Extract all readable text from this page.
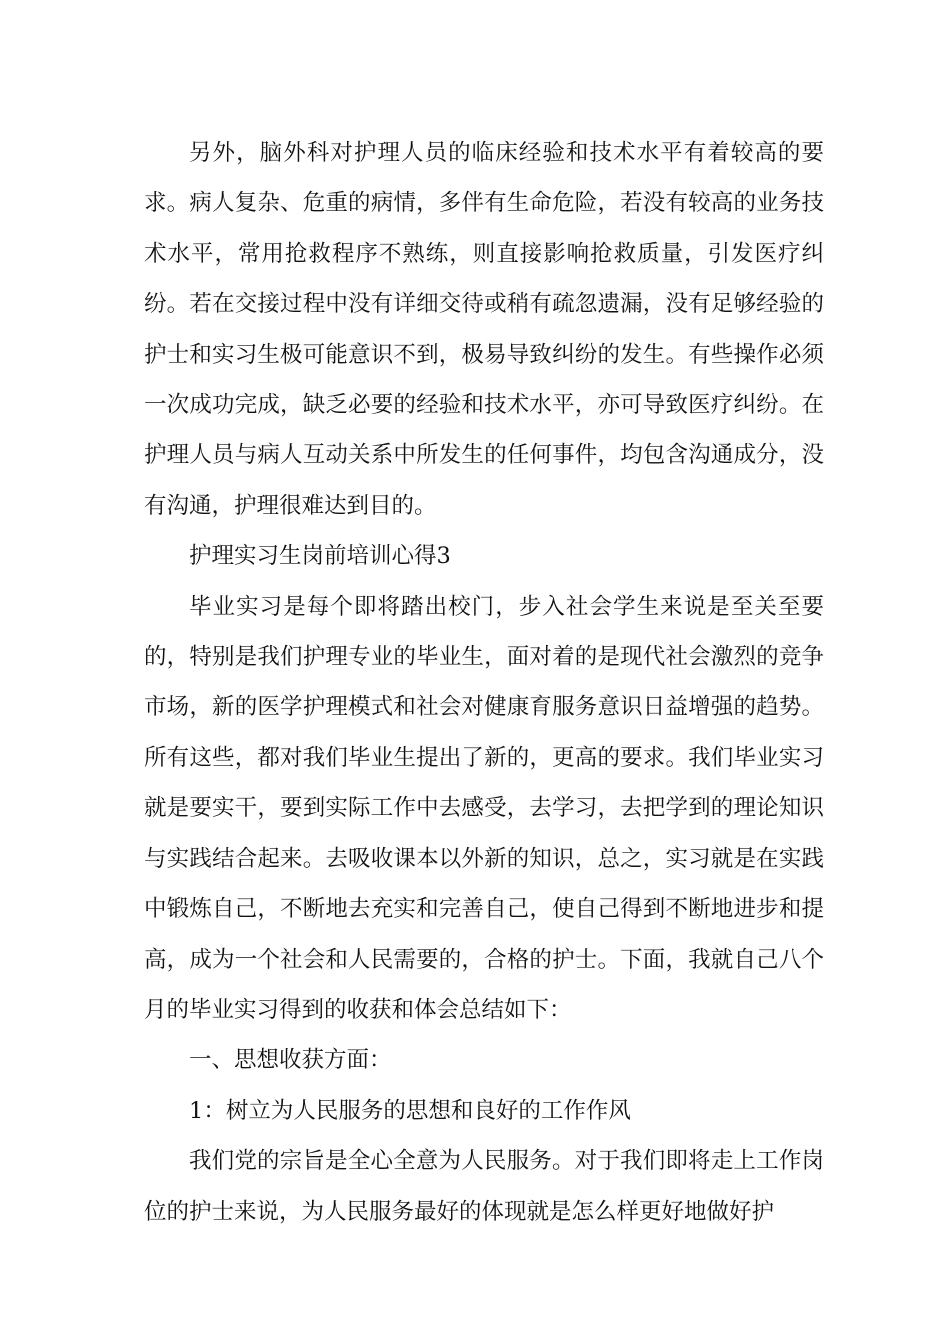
另外，脑外科对护理人员的临床经验和技术水平有着较高的要求。病人复杂、危重的病情，多伴有生命危险，若没有较高的业务技术水平，常用抢救程序不熟练，则直接影响抢救质量，引发医疗纠纷。若在交接过程中没有详细交待或稍有疏忽遗漏，没有足够经验的护士和实习生极可能意识不到，极易导致纠纷的发生。有些操作必须一次成功完成，缺乏必要的经验和技术水平，亦可导致医疗纠纷。在护理人员与病人互动关系中所发生的任何事件，均包含沟通成分，没有沟通，护理很难达到目的。

护理实习生岗前培训心得3

毕业实习是每个即将踏出校门，步入社会学生来说是至关至要的，特别是我们护理专业的毕业生，面对着的是现代社会激烈的竞争市场，新的医学护理模式和社会对健康育服务意识日益增强的趋势。所有这些，都对我们毕业生提出了新的，更高的要求。我们毕业实习就是要实干，要到实际工作中去感受，去学习，去把学到的理论知识与实践结合起来。去吸收课本以外新的知识，总之，实习就是在实践中锻炼自己，不断地去充实和完善自己，使自己得到不断地进步和提高，成为一个社会和人民需要的，合格的护士。下面，我就自己八个月的毕业实习得到的收获和体会总结如下：

一、思想收获方面：

1：树立为人民服务的思想和良好的工作作风

我们党的宗旨是全心全意为人民服务。对于我们即将走上工作岗位的护士来说，为人民服务最好的体现就是怎么样更好地做好护
